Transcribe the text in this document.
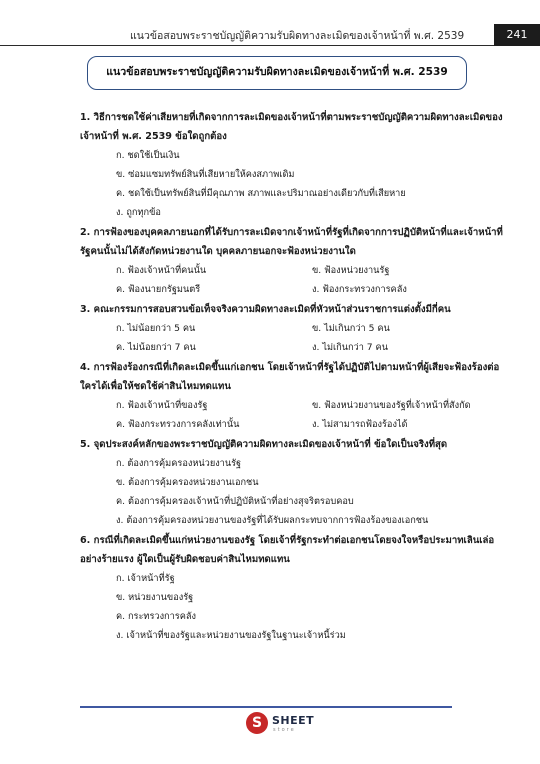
แนวข้อสอบพระราชบัญญัติความรับผิดทางละเมิดของเจ้าหน้าที่ พ.ศ. 2539	241
แนวข้อสอบพระราชบัญญัติความรับผิดทางละเมิดของเจ้าหน้าที่ พ.ศ. 2539
1. วิธีการชดใช้ค่าเสียหายที่เกิดจากการละเมิดของเจ้าหน้าที่ตามพระราชบัญญัติความผิดทางละเมิดของเจ้าหน้าที่ พ.ศ. 2539 ข้อใดถูกต้อง
ก. ชดใช้เป็นเงิน
ข. ซ่อมแซมทรัพย์สินที่เสียหายให้คงสภาพเดิม
ค. ชดใช้เป็นทรัพย์สินที่มีคุณภาพ สภาพและปริมาณอย่างเดียวกับที่เสียหาย
ง. ถูกทุกข้อ
2. การฟ้องของบุคคลภายนอกที่ได้รับการละเมิดจากเจ้าหน้าที่รัฐที่เกิดจากการปฏิบัติหน้าที่และเจ้าหน้าที่รัฐคนนั้นไม่ได้สังกัดหน่วยงานใด บุคคลภายนอกจะฟ้องหน่วยงานใด
ก. ฟ้องเจ้าหน้าที่คนนั้น	ข. ฟ้องหน่วยงานรัฐ
ค. ฟ้องนายกรัฐมนตรี	ง. ฟ้องกระทรวงการคลัง
3. คณะกรรมการสอบสวนข้อเท็จจริงความผิดทางละเมิดที่หัวหน้าส่วนราชการแต่งตั้งมีกี่คน
ก. ไม่น้อยกว่า 5 คน	ข. ไม่เกินกว่า 5 คน
ค. ไม่น้อยกว่า 7 คน	ง. ไม่เกินกว่า 7 คน
4. การฟ้องร้องกรณีที่เกิดละเมิดขึ้นแก่เอกชน โดยเจ้าหน้าที่รัฐได้ปฏิบัติไปตามหน้าที่ผู้เสียจะฟ้องร้องต่อใครได้เพื่อให้ชดใช้ค่าสินไหมทดแทน
ก. ฟ้องเจ้าหน้าที่ของรัฐ	ข. ฟ้องหน่วยงานของรัฐที่เจ้าหน้าที่สังกัด
ค. ฟ้องกระทรวงการคลังเท่านั้น	ง. ไม่สามารถฟ้องร้องได้
5. จุดประสงค์หลักของพระราชบัญญัติความผิดทางละเมิดของเจ้าหน้าที่ ข้อใดเป็นจริงที่สุด
ก. ต้องการคุ้มครองหน่วยงานรัฐ
ข. ต้องการคุ้มครองหน่วยงานเอกชน
ค. ต้องการคุ้มครองเจ้าหน้าที่ปฏิบัติหน้าที่อย่างสุจริตรอบคอบ
ง. ต้องการคุ้มครองหน่วยงานของรัฐที่ได้รับผลกระทบจากการฟ้องร้องของเอกชน
6. กรณีที่เกิดละเมิดขึ้นแก่หน่วยงานของรัฐ โดยเจ้าที่รัฐกระทำต่อเอกชนโดยจงใจหรือประมาทเลินเล่ออย่างร้ายแรง ผู้ใดเป็นผู้รับผิดชอบค่าสินไหมทดแทน
ก. เจ้าหน้าที่รัฐ
ข. หน่วยงานของรัฐ
ค. กระทรวงการคลัง
ง. เจ้าหน้าที่ของรัฐและหน่วยงานของรัฐในฐานะเจ้าหนี้ร่วม
S SHEET
store
